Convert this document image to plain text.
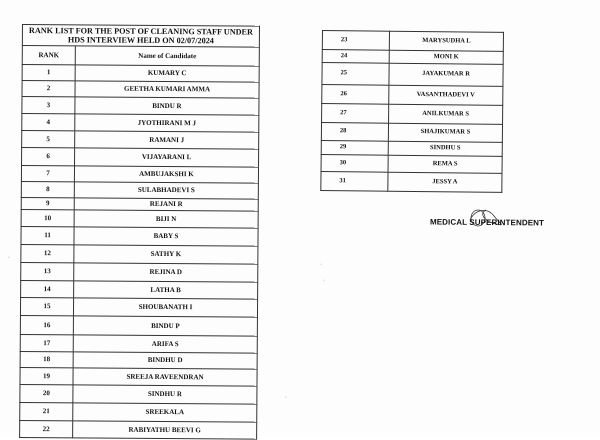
RANK LIST FOR THE POST OF CLEANING STAFF UNDER
HDS INTERVIEW HELD ON 02/07/2024	
RANK	Name of Candidate
1	KUMARY C
2	GEETHA KUMARI AMMA
3	BINDU R
4	JYOTHIRANI M J
5	RAMANI J
6	VIJAYARANI L
7	AMBUJAKSHI K
8	SULABHADEVI S
9	REJANI R
10	BIJI N
11	BABY S
12	SATHY K
13	REJINA D
14	LATHA B
15	SHOUBANATH I
16	BINDU P
17	ARIFA S
18	BINDHU D
19	SREEJA RAVEENDRAN
20	SINDHU R
21	SREEKALA
22	RABIYATHU BEEVI G
23	MARYSUDHA L
24	MONI K
25	JAYAKUMAR R
26	VASANTHADEVI V
27	ANILKUMAR S
28	SHAJIKUMAR S
29	SINDHU S
30	REMA S
31	JESSY A
MEDICAL SUPERINTENDENT
·
·
·
·
